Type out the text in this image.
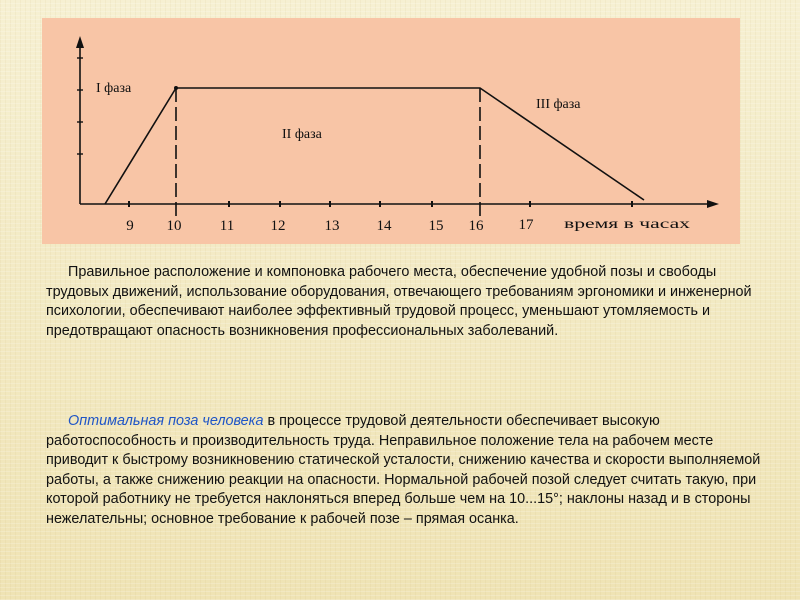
I фаза
II фаза
III фаза
9 10	11 12	13 14 15 16 17 время в часах
Правильное расположение и компоновка рабочего места, обеспечение удобной позы и свободы трудовых движений, использование оборудования, отвечающего требованиям эргономики и инженерной психологии, обеспечивают наиболее эффективный трудовой процесс, уменьшают утомляемость и предотвращают опасность возникновения профессиональных заболеваний.
Оптимальная поза человека в процессе трудовой деятельности обеспечивает высокую работоспособность и производительность труда. Неправильное положение тела на рабочем месте приводит к быстрому возникновению статической усталости, снижению качества и скорости выполняемой работы, а также снижению реакции на опасности. Нормальной рабочей позой следует считать такую, при которой работнику не требуется наклоняться вперед больше чем на 10...15°; наклоны назад и в стороны нежелательны; основное требование к рабочей позе – прямая осанка.
